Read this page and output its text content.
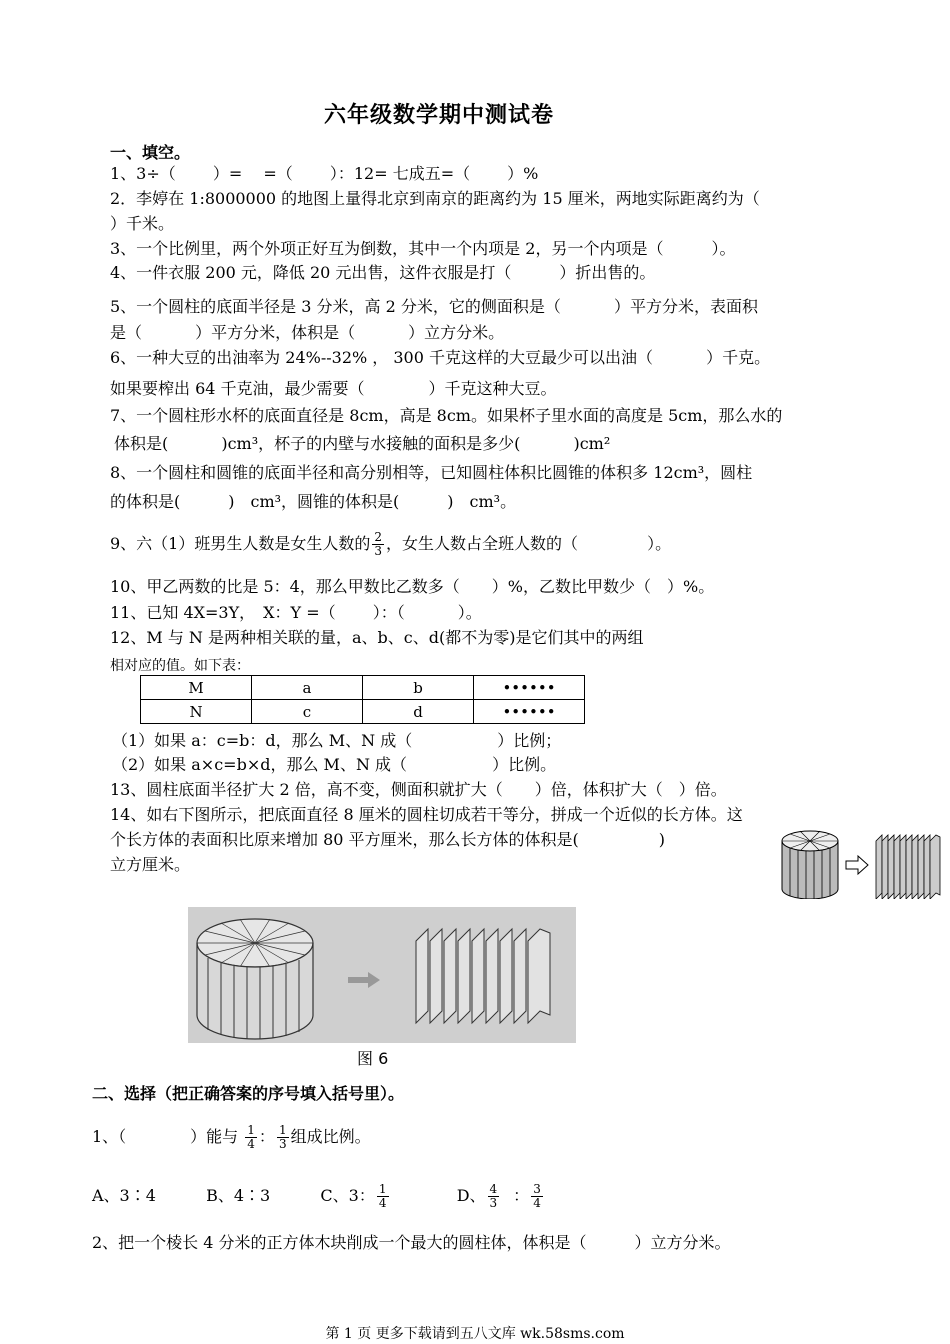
六年级数学期中测试卷
一、填空。
1、3÷（　　 ）= 　=（　　 ）：12= 七成五=（　　 ）%
2．李婷在 1:8000000 的地图上量得北京到南京的距离约为 15 厘米，两地实际距离约为（
）千米。
3、一个比例里，两个外项正好互为倒数，其中一个内项是 2，另一个内项是（　　　）。
4、一件衣服 200 元，降低 20 元出售，这件衣服是打（　　　）折出售的。
5、一个圆柱的底面半径是 3 分米，高 2 分米，它的侧面积是（　　　 ）平方分米，表面积
是（　　　 ）平方分米，体积是（　　　 ）立方分米。
6、一种大豆的出油率为 24%--32% ， 300 千克这样的大豆最少可以出油（　　　 ）千克。
如果要榨出 64 千克油，最少需要（　　　　）千克这种大豆。
7、一个圆柱形水杯的底面直径是 8cm，高是 8cm。如果杯子里水面的高度是 5cm，那么水的
体积是(　　　 )cm³，杯子的内壁与水接触的面积是多少(　　　 )cm²
8、一个圆柱和圆锥的底面半径和高分别相等，已知圆柱体积比圆锥的体积多 12cm³，圆柱
的体积是(　　　)　cm³，圆锥的体积是(　　　)　cm³。
9、六（1）班男生人数是女生人数的 $\frac{2}{3}$ ，女生人数占全班人数的（　　　　 ）。
10、甲乙两数的比是 5：4，那么甲数比乙数多（　　）%，乙数比甲数少（　）%。
11、已知 4X=3Y，　X：Y =（　　 ）：（　　　 ）。
12、M 与 N 是两种相关联的量，a、b、c、d(都不为零)是它们其中的两组
相对应的值。如下表：
M	a	b	••••••
N	c	d	••••••
（1）如果 a：c=b：d，那么 M、N 成（　　　　　 ）比例；
（2）如果 a×c=b×d，那么 M、N 成（　　　　　 ）比例。
13、圆柱底面半径扩大 2 倍，高不变，侧面积就扩大（　　）倍，体积扩大（　）倍。
14、如右下图所示，把底面直径 8 厘米的圆柱切成若干等分，拼成一个近似的长方体。这
个长方体的表面积比原来增加 80 平方厘米，那么长方体的体积是(　　　　　)
立方厘米。
图 6
二、选择（把正确答案的序号填入括号里）。
1、（　　　　）能与 $\frac{1}{4}$ ： $\frac{1}{3}$ 组成比例。
A、3∶4	B、4∶3	C、3： $\frac{1}{4}$	D、 $\frac{4}{3}$ ： $\frac{3}{4}$
2、把一个棱长 4 分米的正方体木块削成一个最大的圆柱体，体积是（　　　）立方分米。
第 1 页 更多下载请到五八文库 wk.58sms.com
